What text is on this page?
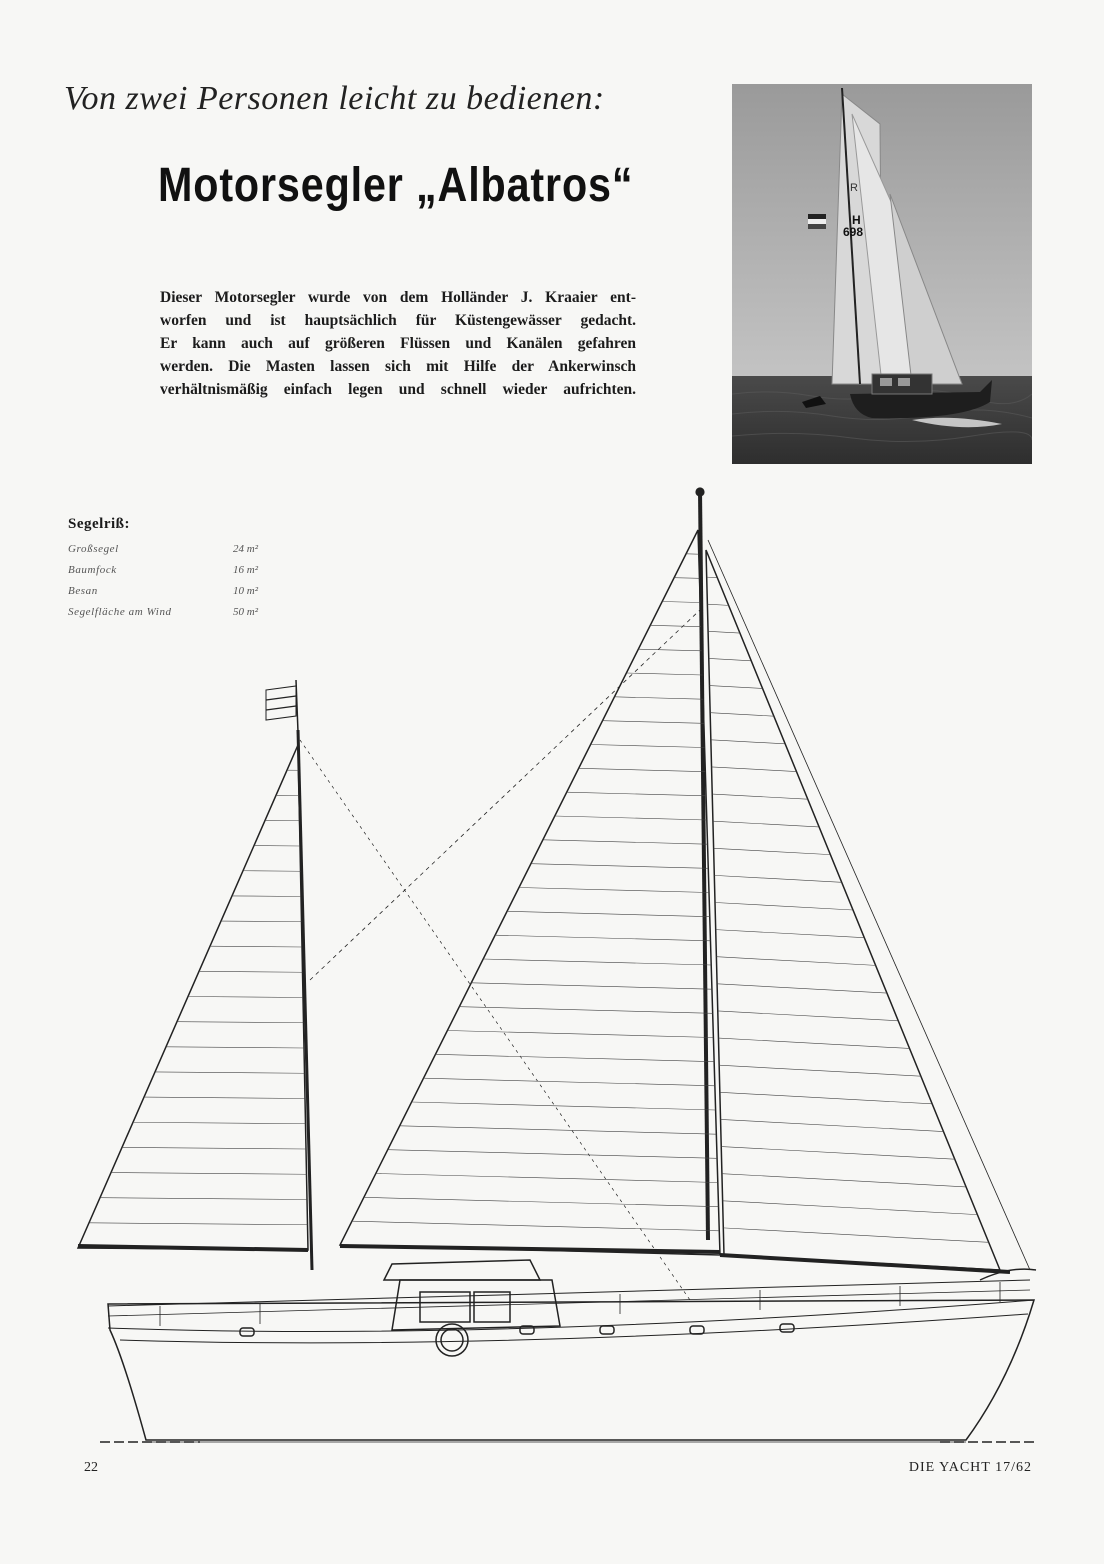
Von zwei Personen leicht zu bedienen:
Motorsegler „Albatros“

Dieser Motorsegler wurde von dem Holländer J. Kraaier ent-
worfen und ist hauptsächlich für Küstengewässer gedacht.
Er kann auch auf größeren Flüssen und Kanälen gefahren
werden. Die Masten lassen sich mit Hilfe der Ankerwinsch
verhältnismäßig einfach legen und schnell wieder aufrichten.

R
H
698
Segelriß:
Großsegel	24 m²
Baumfock	16 m²
Besan	10 m²
Segelfläche am Wind	50 m²
22	DIE YACHT 17/62
